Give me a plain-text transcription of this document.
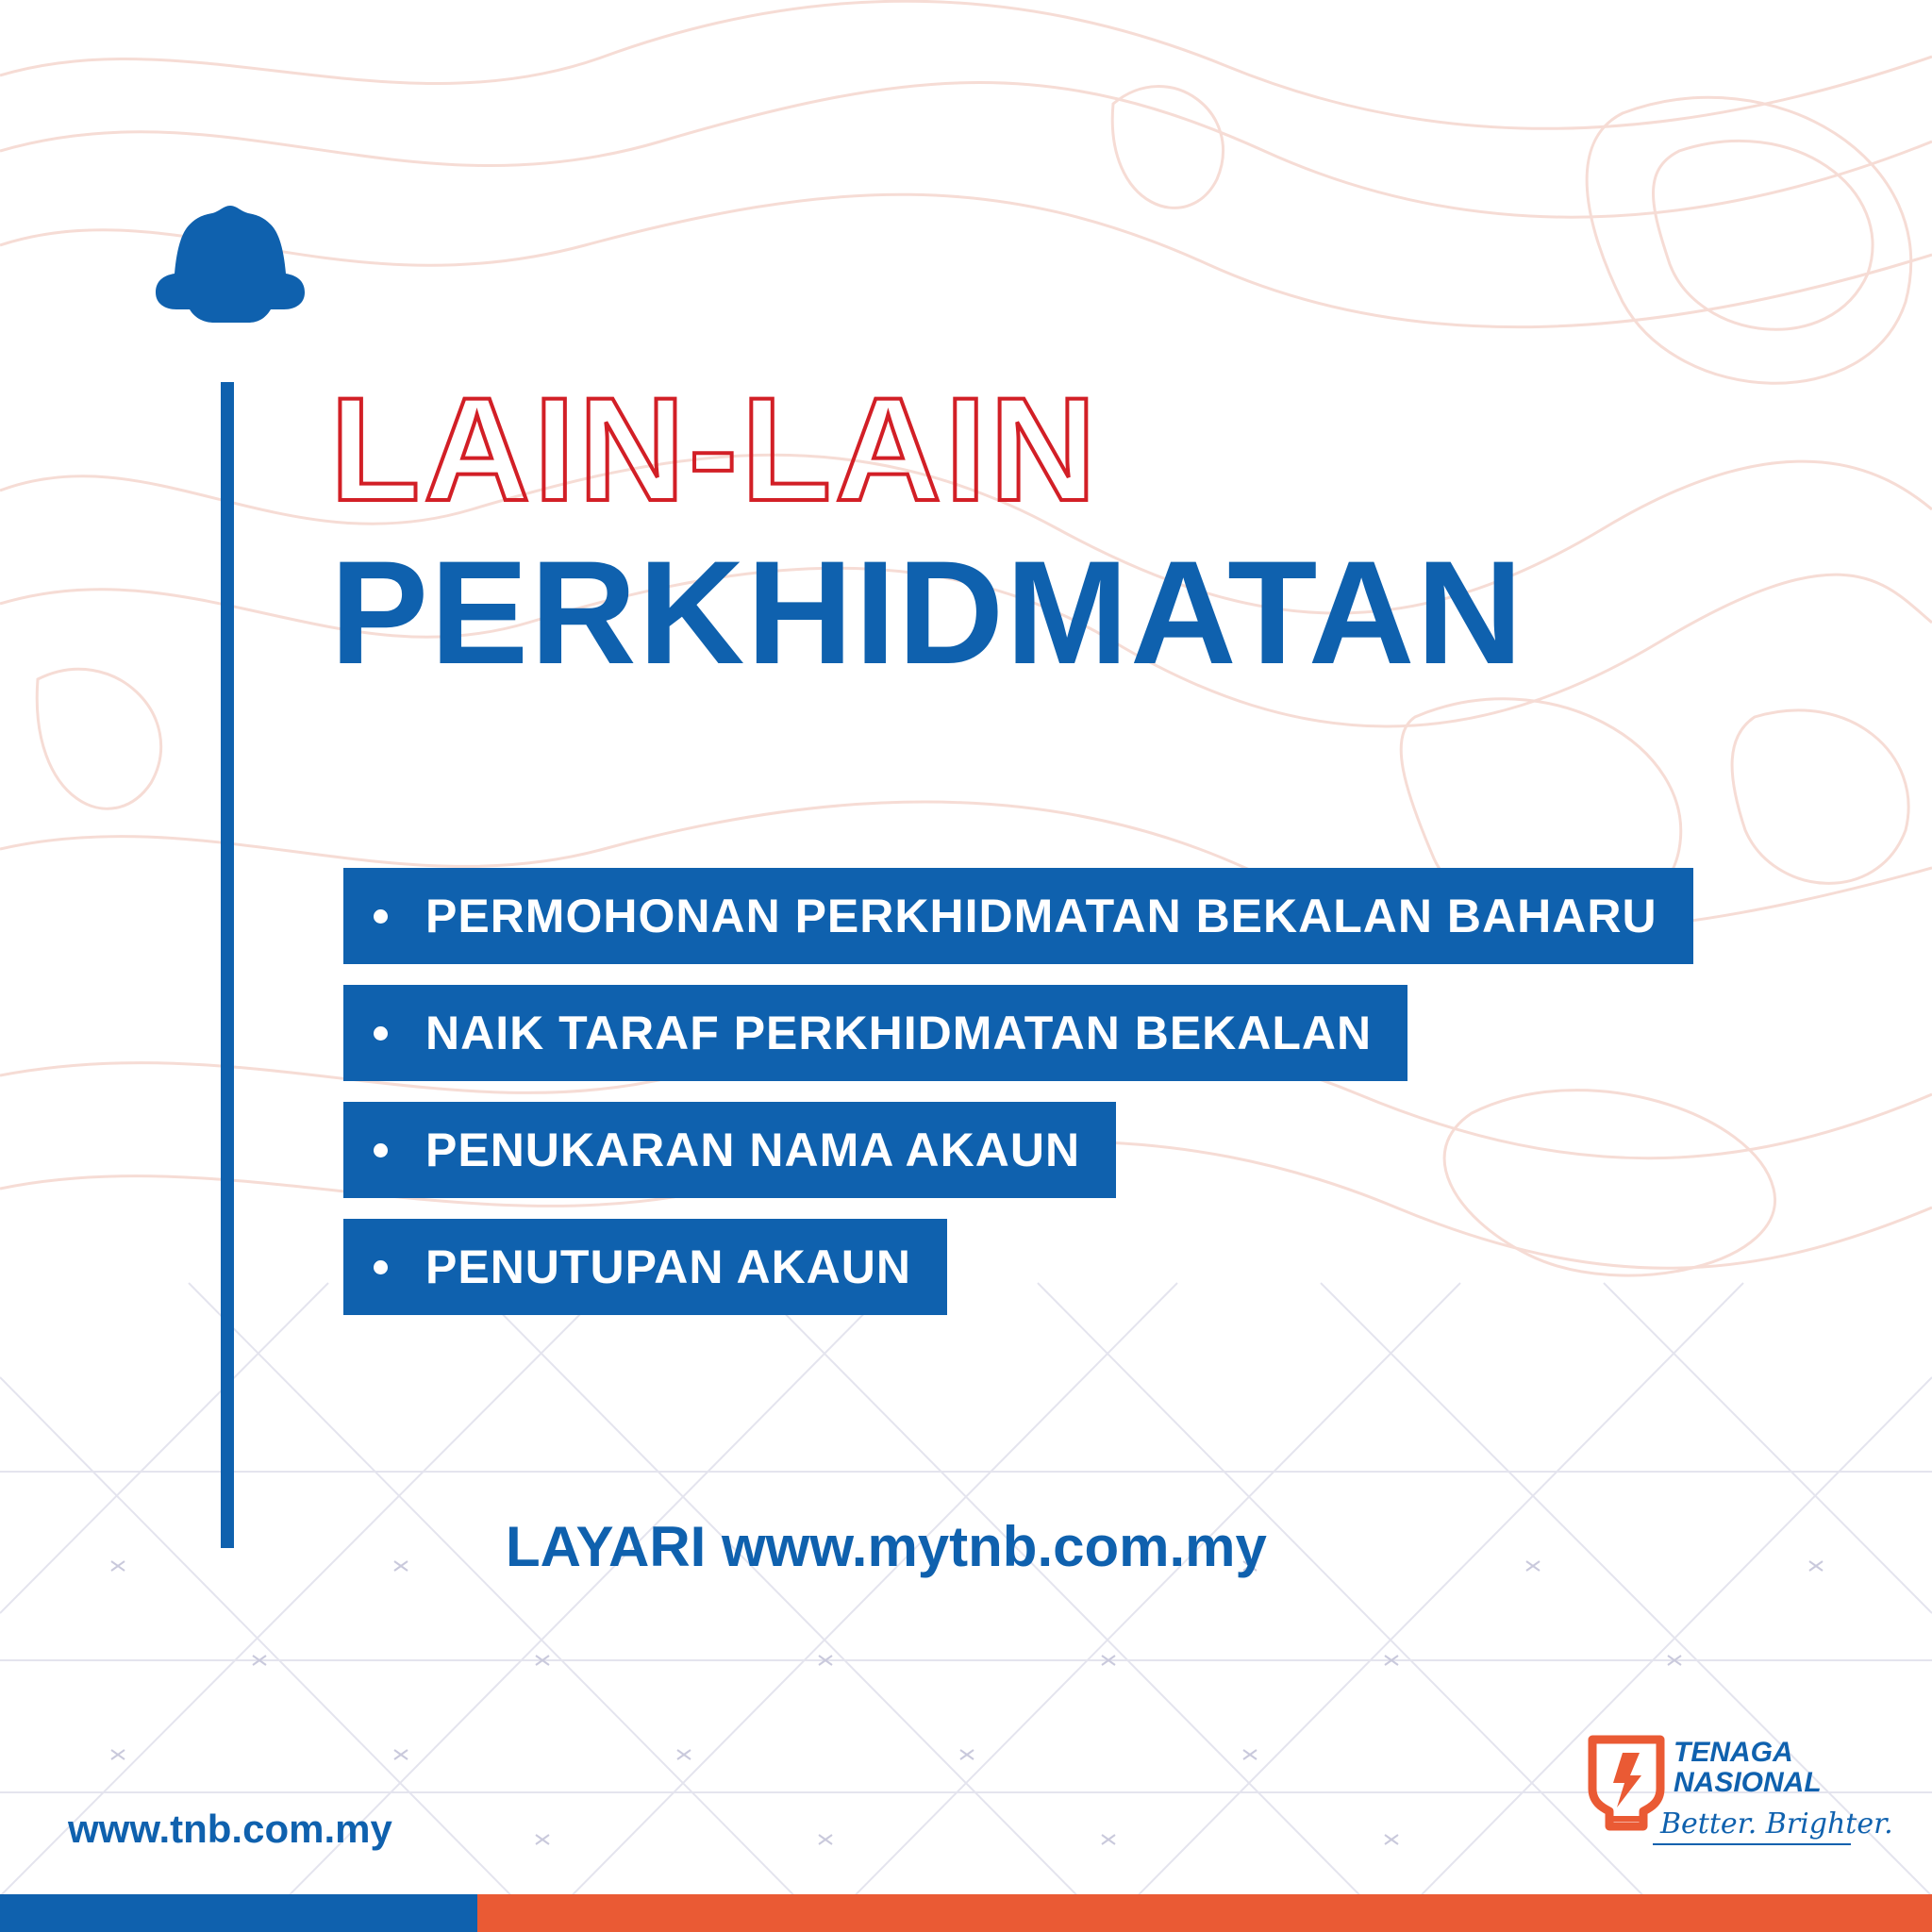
LAIN-LAIN
PERKHIDMATAN
PERMOHONAN PERKHIDMATAN BEKALAN BAHARU
NAIK TARAF PERKHIDMATAN BEKALAN
PENUKARAN NAMA AKAUN
PENUTUPAN AKAUN

LAYARI www.mytnb.com.my

www.tnb.com.my

TENAGA
NASIONAL
Better. Brighter.
